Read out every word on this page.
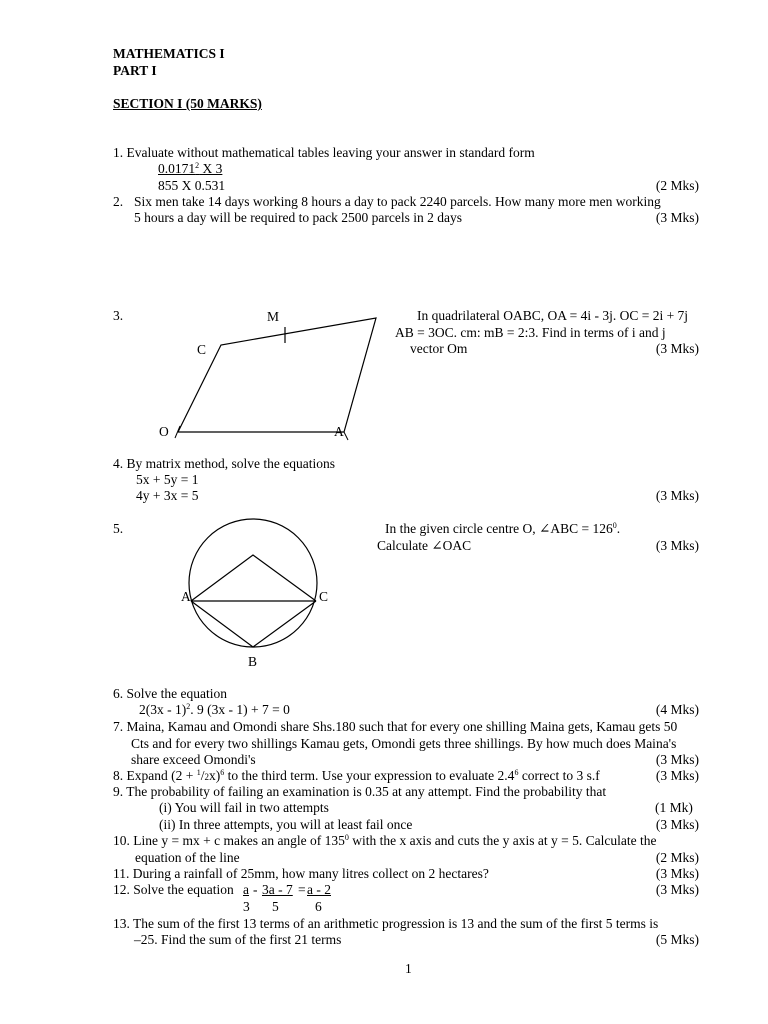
MATHEMATICS I
PART I
SECTION I (50 MARKS)
1. Evaluate without mathematical tables leaving your answer in standard form
0.0171$^2$ X 3
855 X 0.531	(2 Mks)
2. Six men take 14 days working 8 hours a day to pack 2240 parcels. How many more men working
5 hours a day will be required to pack 2500 parcels in 2 days	(3 Mks)
3.	M
C
O	A
A	C
B
In quadrilateral OABC, OA = 4i - 3j. OC = 2i + 7j
AB = 3OC. cm: mB = 2:3. Find in terms of i and j
vector Om	(3 Mks)
4. By matrix method, solve the equations
5x + 5y = 1
4y + 3x = 5	(3 Mks)
5.	In the given circle centre O, ∠ABC = $126^0$.
Calculate ∠OAC	(3 Mks)
6. Solve the equation
2(3x - 1)$^2$. 9 (3x - 1) + 7 = 0	(4 Mks)
7. Maina, Kamau and Omondi share Shs.180 such that for every one shilling Maina gets, Kamau gets 50
Cts and for every two shillings Kamau gets, Omondi gets three shillings. By how much does Maina's
share exceed Omondi's	(3 Mks)
8. Expand $(2 + ^1/2x)^6$ to the third term. Use your expression to evaluate $2.4^6$ correct to 3 s.f	(3 Mks)
9. The probability of failing an examination is 0.35 at any attempt. Find the probability that
(i) You will fail in two attempts	(1 Mk)
(ii) In three attempts, you will at least fail once	(3 Mks)
10. Line y = mx + c makes an angle of $135^0$ with the x axis and cuts the y axis at y = 5. Calculate the
equation of the line	(2 Mks)
11. During a rainfall of 25mm, how many litres collect on 2 hectares?	(3 Mks)
12. Solve the equation a - 3a - 7 = a - 2
3 5	6
(3 Mks)
13. The sum of the first 13 terms of an arithmetic progression is 13 and the sum of the first 5 terms is
–25. Find the sum of the first 21 terms	(5 Mks)
1
